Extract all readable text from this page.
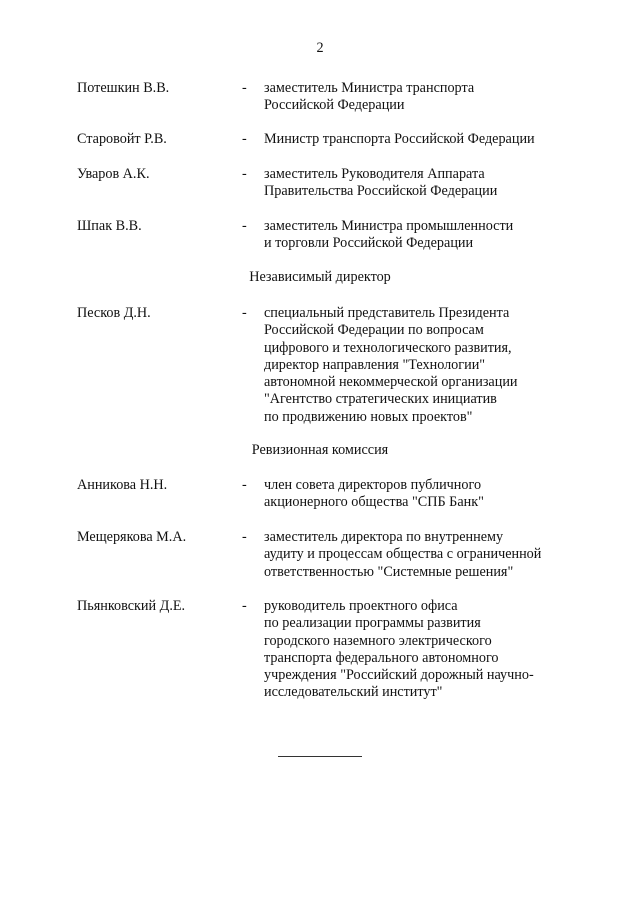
2
Потешкин В.В.	- заместитель Министра транспорта
Российской Федерации
Старовойт Р.В.	- Министр транспорта Российской Федерации
Уваров А.К.	- заместитель Руководителя Аппарата
Правительства Российской Федерации
Шпак В.В.	- заместитель Министра промышленности
и торговли Российской Федерации
Независимый директор
Песков Д.Н.	- специальный представитель Президента
Российской Федерации по вопросам
цифрового и технологического развития,
директор направления "Технологии"
автономной некоммерческой организации
"Агентство стратегических инициатив
по продвижению новых проектов"
Ревизионная комиссия
Анникова Н.Н.	- член совета директоров публичного
акционерного общества "СПБ Банк"
Мещерякова М.А.	- заместитель директора по внутреннему
аудиту и процессам общества с ограниченной
ответственностью "Системные решения"
Пьянковский Д.Е.	- руководитель проектного офиса
по реализации программы развития
городского наземного электрического
транспорта федерального автономного
учреждения "Российский дорожный научно-
исследовательский институт"
